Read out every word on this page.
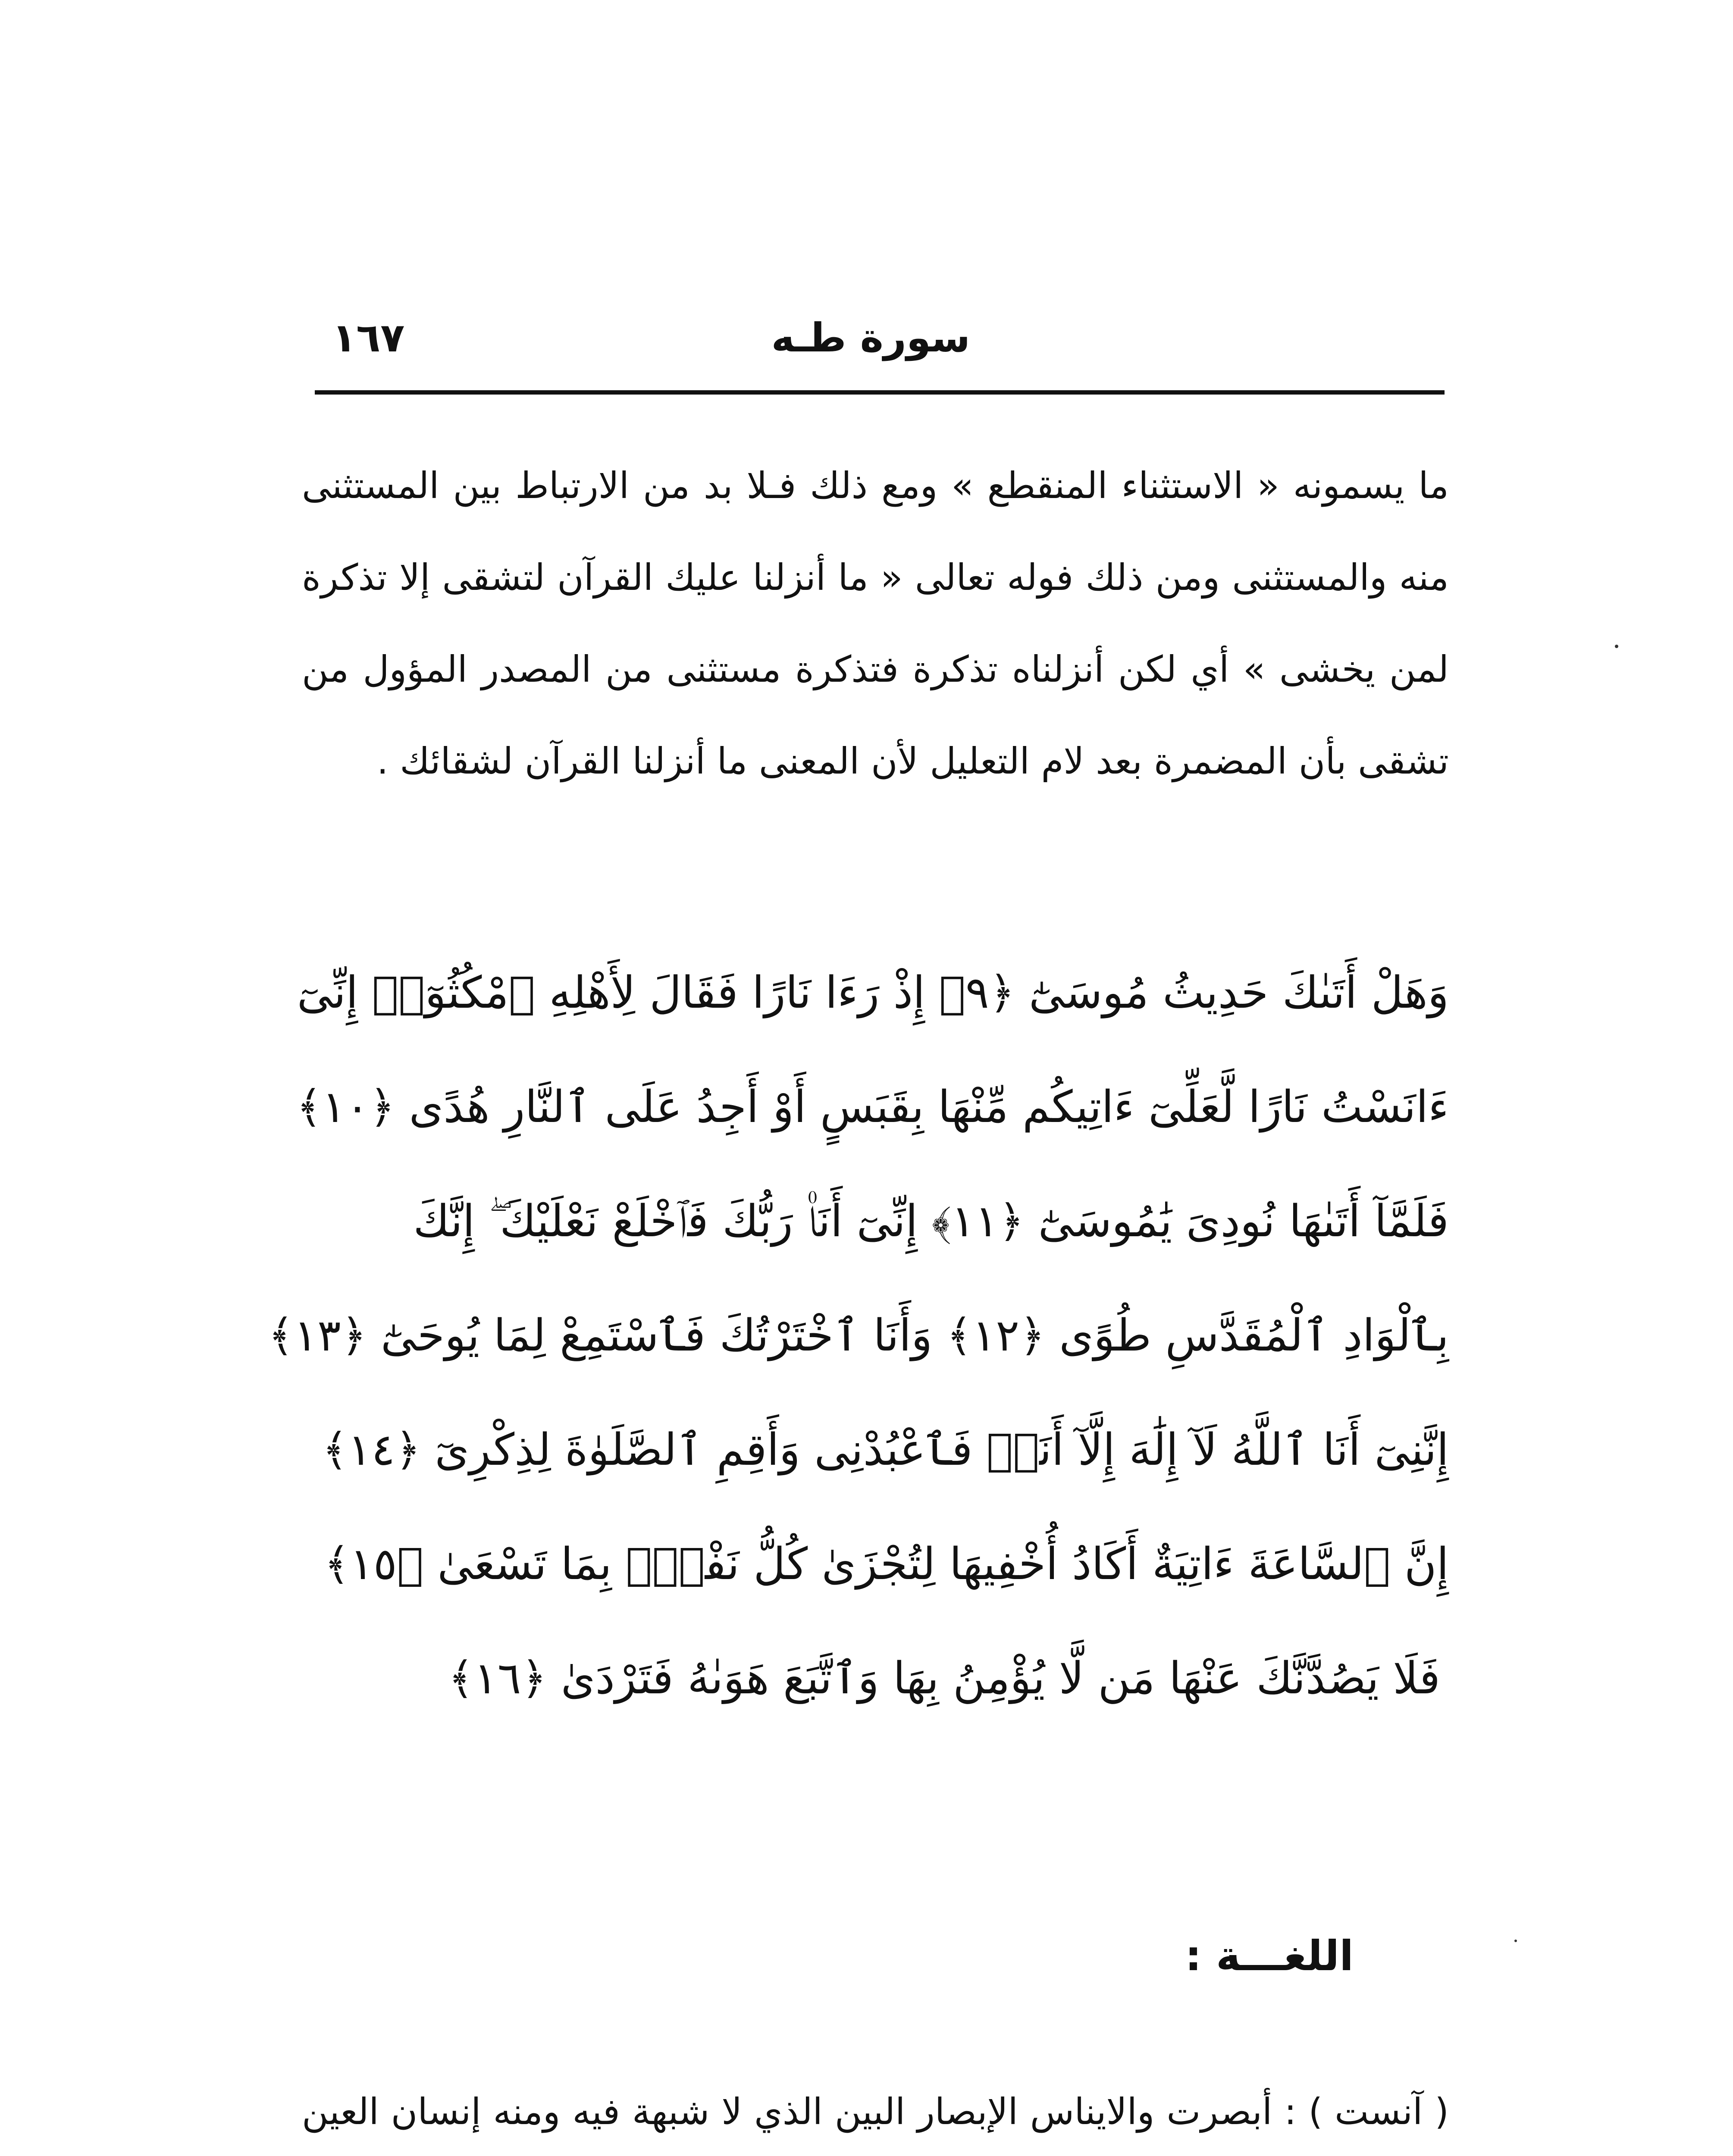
سورة طـه
١٦٧

ما يسمونه « الاستثناء المنقطع » ومع ذلك فـلا بد من الارتباط بين المستثنى منه والمستثنى ومن ذلك فوله تعالى « ما أنزلنا عليك القرآن لتشقى إلا تذكرة لمن يخشى » أي لكن أنزلناه تذكرة فتذكرة مستثنى من المصدر المؤول من تشقى بأن المضمرة بعد لام التعليل لأن المعنى ما أنزلنا القرآن لشقائك .

وَهَلْ أَتَىٰكَ حَدِيثُ مُوسَىٰٓ ﴿٩﴾ إِذْ رَءَا نَارًا فَقَالَ لِأَهْلِهِ ٱمْكُثُوٓا۟ إِنِّىٓ
ءَانَسْتُ نَارًا لَّعَلِّىٓ ءَاتِيكُم مِّنْهَا بِقَبَسٍ أَوْ أَجِدُ عَلَى ٱلنَّارِ هُدًى ﴿١٠﴾
فَلَمَّآ أَتَىٰهَا نُودِىَ يَٰمُوسَىٰٓ ﴿١١﴾ إِنِّىٓ أَنَا۠ رَبُّكَ فَٱخْلَعْ نَعْلَيْكَ ۖ إِنَّكَ
بِٱلْوَادِ ٱلْمُقَدَّسِ طُوًى ﴿١٢﴾ وَأَنَا ٱخْتَرْتُكَ فَٱسْتَمِعْ لِمَا يُوحَىٰٓ ﴿١٣﴾
إِنَّنِىٓ أَنَا ٱللَّهُ لَآ إِلَٰهَ إِلَّآ أَنَا۠ فَٱعْبُدْنِى وَأَقِمِ ٱلصَّلَوٰةَ لِذِكْرِىٓ ﴿١٤﴾
إِنَّ ٱلسَّاعَةَ ءَاتِيَةٌ أَكَادُ أُخْفِيهَا لِتُجْزَىٰ كُلُّ نَفْسٍۭ بِمَا تَسْعَىٰ ﴿١٥﴾
فَلَا يَصُدَّنَّكَ عَنْهَا مَن لَّا يُؤْمِنُ بِهَا وَٱتَّبَعَ هَوَىٰهُ فَتَرْدَىٰ ﴿١٦﴾
اللغـــة :

( آنست ) : أبصرت والايناس الإبصار البين الذي لا شبهة فيه ومنه إنسان العين
